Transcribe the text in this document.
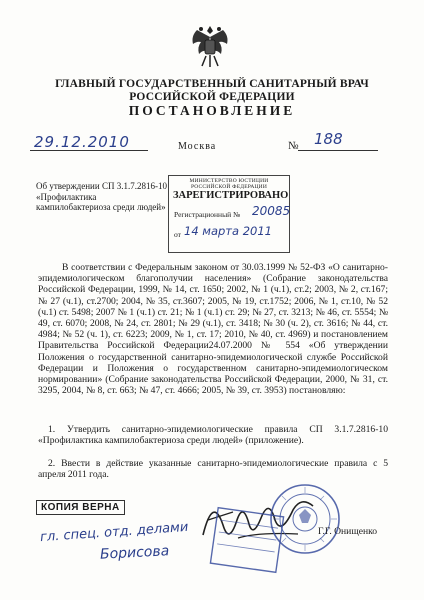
ГЛАВНЫЙ ГОСУДАРСТВЕННЫЙ САНИТАРНЫЙ ВРАЧ
РОССИЙСКОЙ ФЕДЕРАЦИИ
ПОСТАНОВЛЕНИЕ
29.12.2010	Москва	№ 188
Об утверждении СП 3.1.7.2816-10 «Профилактика кампилобактериоза среди людей»
МИНИСТЕРСТВО ЮСТИЦИИ РОССИЙСКОЙ ФЕДЕРАЦИИ
ЗАРЕГИСТРИРОВАНО
Регистрационный № 20085
от 14 марта 2011
В соответствии с Федеральным законом от 30.03.1999 № 52-ФЗ «О санитарно-эпидемиологическом благополучии населения» (Собрание законодательства Российской Федерации, 1999, № 14, ст. 1650; 2002, № 1 (ч.1), ст.2; 2003, № 2, ст.167; № 27 (ч.1), ст.2700; 2004, № 35, ст.3607; 2005, № 19, ст.1752; 2006, № 1, ст.10, № 52 (ч.1) ст. 5498; 2007 № 1 (ч.1) ст. 21; № 1 (ч.1) ст. 29; № 27, ст. 3213; № 46, ст. 5554; № 49, ст. 6070; 2008, № 24, ст. 2801; № 29 (ч.1), ст. 3418; № 30 (ч. 2), ст. 3616; № 44, ст. 4984; № 52 (ч. 1), ст. 6223; 2009, № 1, ст. 17; 2010, № 40, ст. 4969) и постановлением Правительства Российской Федерации24.07.2000 № 554 «Об утверждении Положения о государственной санитарно-эпидемиологической службе Российской Федерации и Положения о государственном санитарно-эпидемиологическом нормировании» (Собрание законодательства Российской Федерации, 2000, № 31, ст. 3295, 2004, № 8, ст. 663; № 47, ст. 4666; 2005, № 39, ст. 3953) постановляю:
1. Утвердить санитарно-эпидемиологические правила СП 3.1.7.2816-10 «Профилактика кампилобактериоза среди людей» (приложение).
2. Ввести в действие указанные санитарно-эпидемиологические правила с 5 апреля 2011 года.
КОПИЯ ВЕРНА
гл. спец. отд. делами
Борисова
Г.Г. Онищенко
